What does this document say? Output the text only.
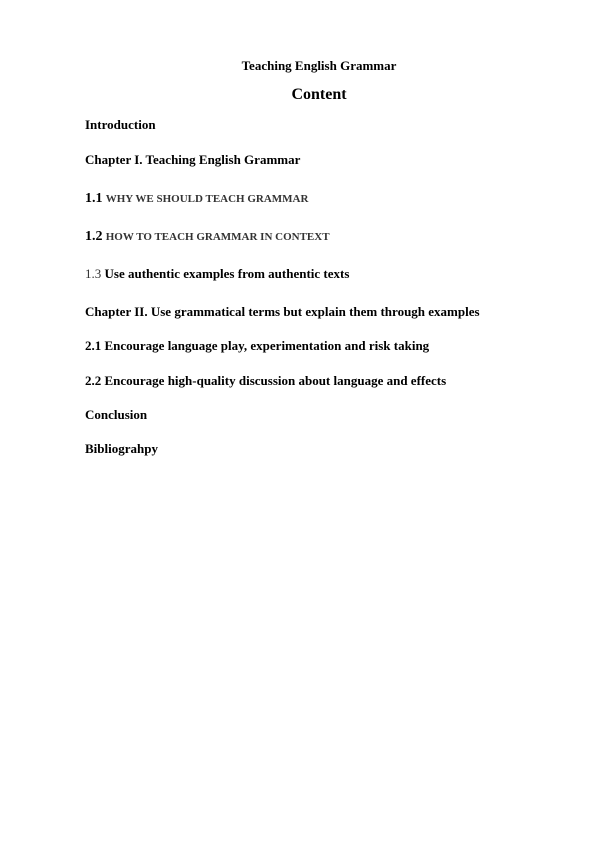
Teaching English Grammar
Content
Introduction
Chapter I. Teaching English Grammar
1.1 WHY WE SHOULD TEACH GRAMMAR
1.2 HOW TO TEACH GRAMMAR IN CONTEXT
1.3 Use authentic examples from authentic texts
Chapter II. Use grammatical terms but explain them through examples
2.1 Encourage language play, experimentation and risk taking
2.2 Encourage high-quality discussion about language and effects
Conclusion
Bibliograhpy
